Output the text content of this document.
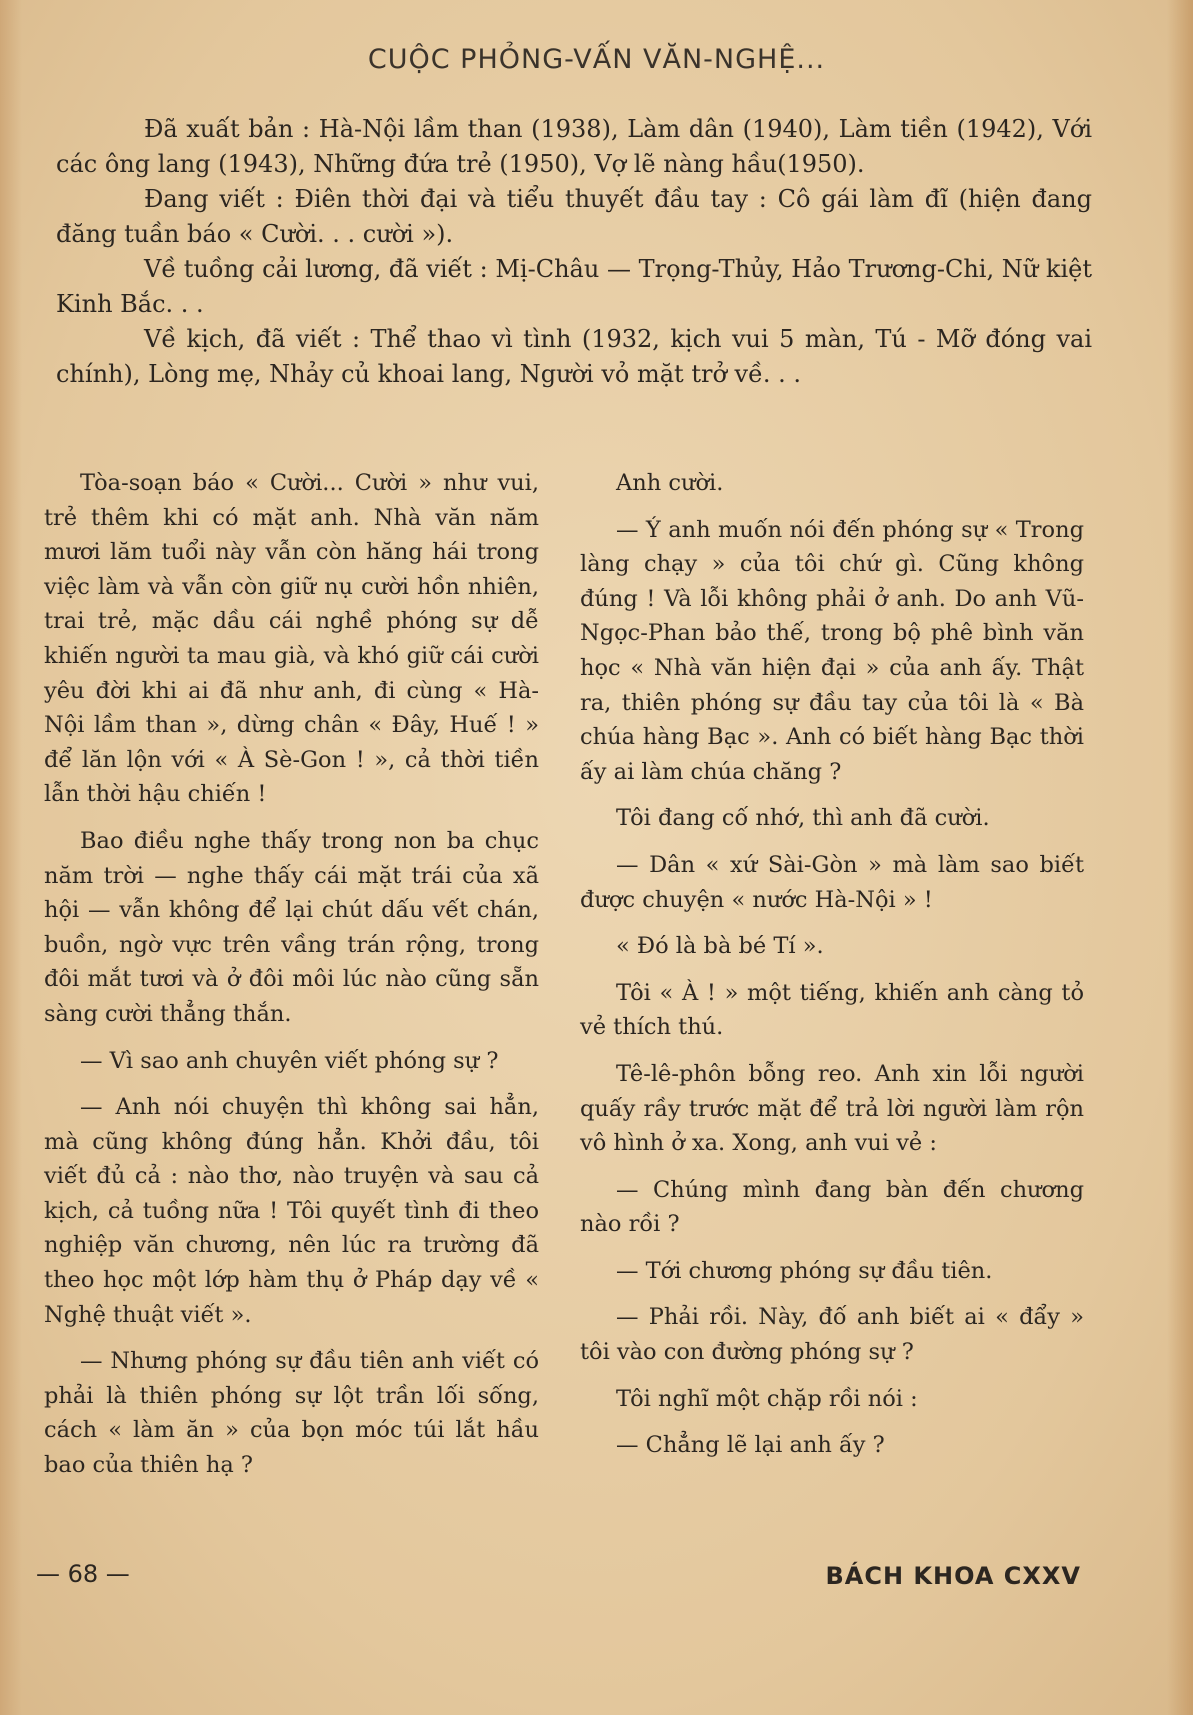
CUỘC PHỎNG-VẤN VĂN-NGHỆ...

Đã xuất bản : Hà-Nội lầm than (1938), Làm dân (1940), Làm tiền (1942), Với các ông lang (1943), Những đứa trẻ (1950), Vợ lẽ nàng hầu(1950).

Đang viết : Điên thời đại và tiểu thuyết đầu tay : Cô gái làm đĩ (hiện đang đăng tuần báo « Cười. . . cười »).

Về tuồng cải lương, đã viết : Mị-Châu — Trọng-Thủy, Hảo Trương-Chi, Nữ kiệt Kinh Bắc. . .

Về kịch, đã viết : Thể thao vì tình (1932, kịch vui 5 màn, Tú - Mỡ đóng vai chính), Lòng mẹ, Nhảy củ khoai lang, Người vỏ mặt trở về. . .

Tòa-soạn báo « Cười... Cười » như vui, trẻ thêm khi có mặt anh. Nhà văn năm mươi lăm tuổi này vẫn còn hăng hái trong việc làm và vẫn còn giữ nụ cười hồn nhiên, trai trẻ, mặc dầu cái nghề phóng sự dễ khiến người ta mau già, và khó giữ cái cười yêu đời khi ai đã như anh, đi cùng « Hà-Nội lầm than », dừng chân « Đây, Huế ! » để lăn lộn với « À Sè-Gon ! », cả thời tiền lẫn thời hậu chiến !

Bao điều nghe thấy trong non ba chục năm trời — nghe thấy cái mặt trái của xã hội — vẫn không để lại chút dấu vết chán, buồn, ngờ vực trên vầng trán rộng, trong đôi mắt tươi và ở đôi môi lúc nào cũng sẵn sàng cười thẳng thắn.

— Vì sao anh chuyên viết phóng sự ?

— Anh nói chuyện thì không sai hẳn, mà cũng không đúng hẳn. Khởi đầu, tôi viết đủ cả : nào thơ, nào truyện và sau cả kịch, cả tuồng nữa ! Tôi quyết tình đi theo nghiệp văn chương, nên lúc ra trường đã theo học một lớp hàm thụ ở Pháp dạy về « Nghệ thuật viết ».

— Nhưng phóng sự đầu tiên anh viết có phải là thiên phóng sự lột trần lối sống, cách « làm ăn » của bọn móc túi lắt hầu bao của thiên hạ ?

Anh cười.

— Ý anh muốn nói đến phóng sự « Trong làng chạy » của tôi chứ gì. Cũng không đúng ! Và lỗi không phải ở anh. Do anh Vũ-Ngọc-Phan bảo thế, trong bộ phê bình văn học « Nhà văn hiện đại » của anh ấy. Thật ra, thiên phóng sự đầu tay của tôi là « Bà chúa hàng Bạc ». Anh có biết hàng Bạc thời ấy ai làm chúa chăng ?

Tôi đang cố nhớ, thì anh đã cười.

— Dân « xứ Sài-Gòn » mà làm sao biết được chuyện « nước Hà-Nội » !

« Đó là bà bé Tí ».

Tôi « À ! » một tiếng, khiến anh càng tỏ vẻ thích thú.

Tê-lê-phôn bỗng reo. Anh xin lỗi người quấy rầy trước mặt để trả lời người làm rộn vô hình ở xa. Xong, anh vui vẻ :

— Chúng mình đang bàn đến chương nào rồi ?

— Tới chương phóng sự đầu tiên.

— Phải rồi. Này, đố anh biết ai « đẩy » tôi vào con đường phóng sự ?

Tôi nghĩ một chặp rồi nói :

— Chẳng lẽ lại anh ấy ?

— 68 —	BÁCH KHOA CXXV
